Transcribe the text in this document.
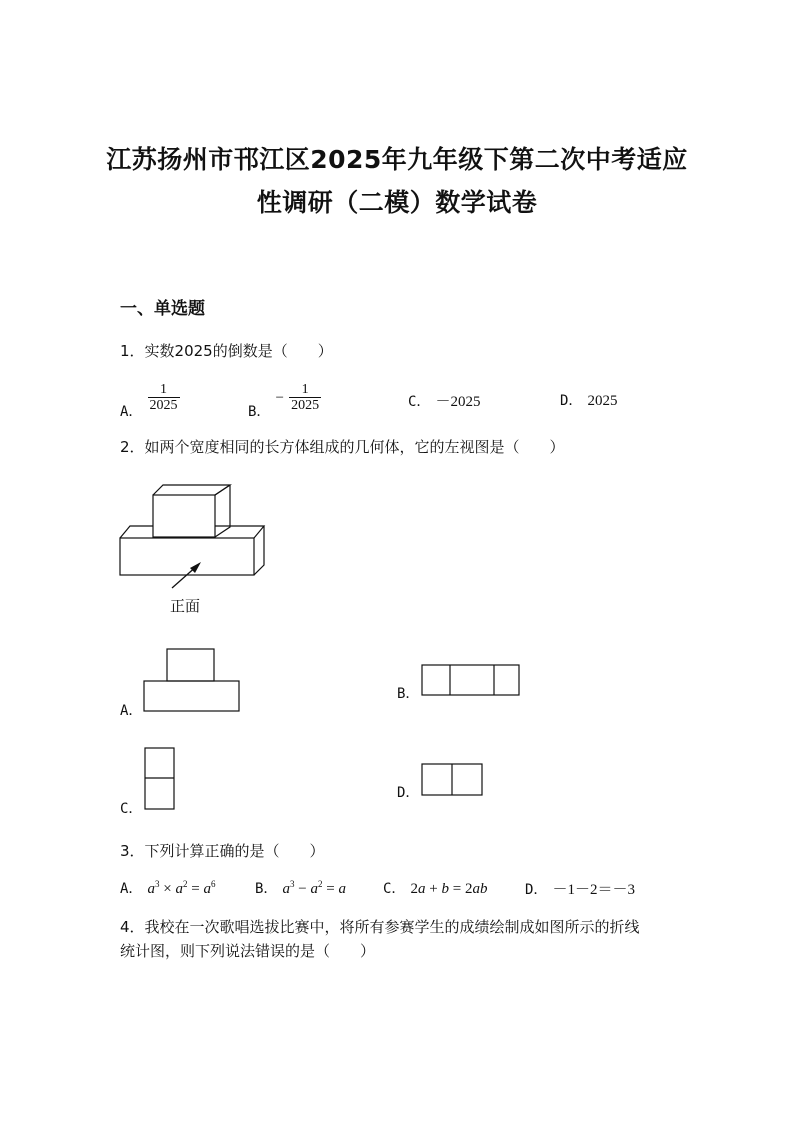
江苏扬州市邗江区2025年九年级下第二次中考适应
性调研（二模）数学试卷
一、单选题
1．实数2025的倒数是（　　）
A． $\frac{1}{2025}$	B． − $\frac{1}{2025}$	C． －2025	D． 2025
2．如两个宽度相同的长方体组成的几何体，它的左视图是（　　）
正面
A．
B．
C．
D．
3．下列计算正确的是（　　）
A． $a^3 \times a^2 = a^6$	B． $a^3 - a^2 = a$	C． 2a + b = 2ab	D． －1－2＝－3
4．我校在一次歌唱选拔比赛中，将所有参赛学生的成绩绘制成如图所示的折线
统计图，则下列说法错误的是（　　）
